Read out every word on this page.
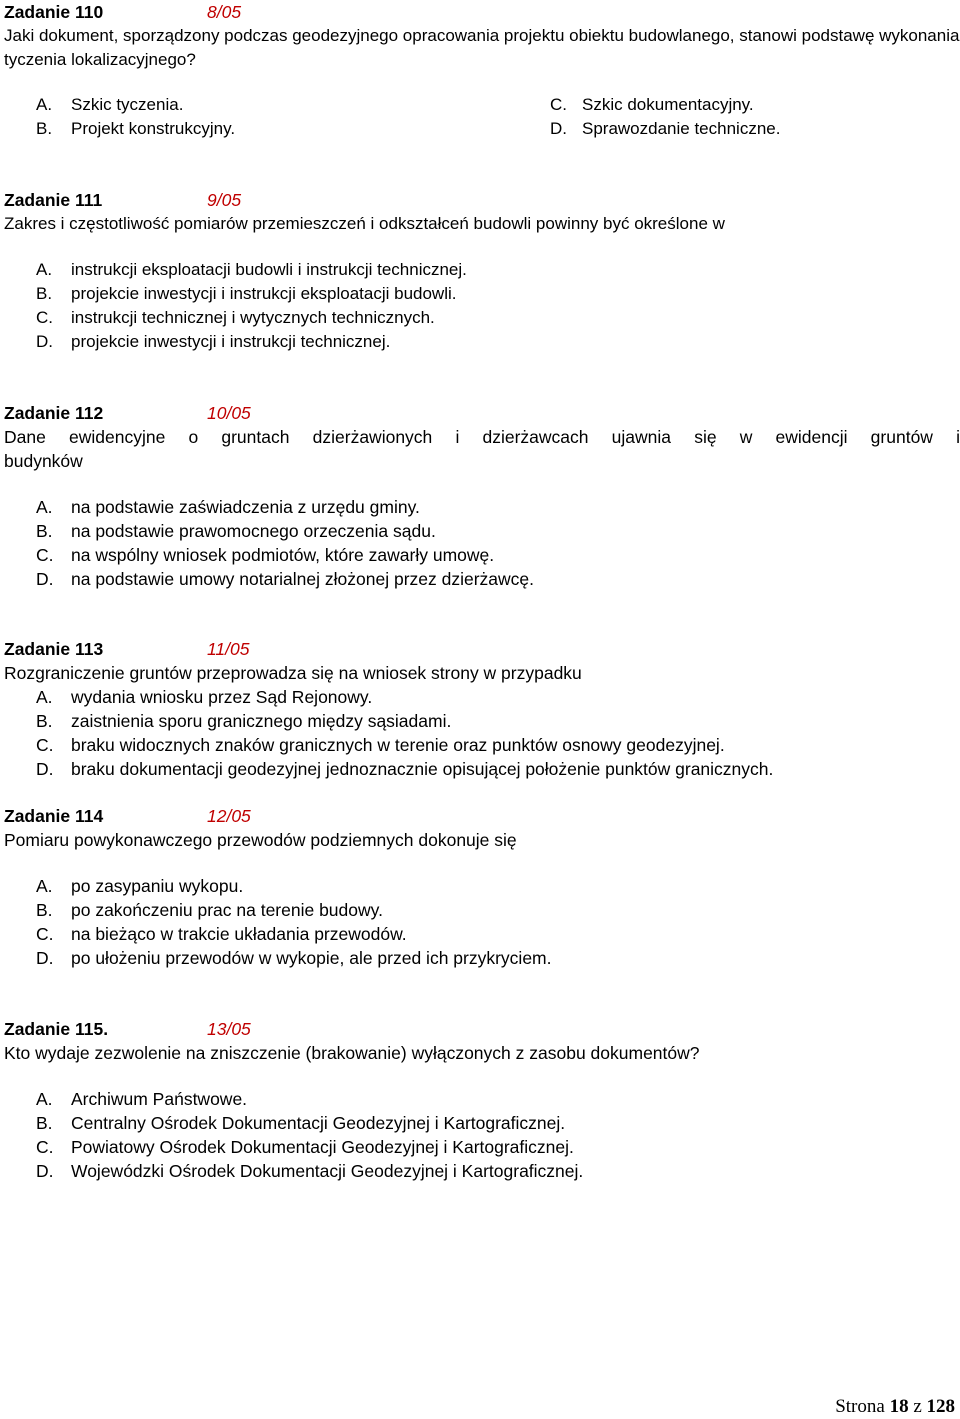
Zadanie 110	8/05
Jaki dokument, sporządzony podczas geodezyjnego opracowania projektu obiektu budowlanego, stanowi podstawę wykonania tyczenia lokalizacyjnego?
A. Szkic tyczenia.
B. Projekt konstrukcyjny.
C. Szkic dokumentacyjny.
D. Sprawozdanie techniczne.
Zadanie 111	9/05
Zakres i częstotliwość pomiarów przemieszczeń i odkształceń budowli powinny być określone w
A. instrukcji eksploatacji budowli i instrukcji technicznej.
B. projekcie inwestycji i instrukcji eksploatacji budowli.
C. instrukcji technicznej i wytycznych technicznych.
D. projekcie inwestycji i instrukcji technicznej.
Zadanie 112	10/05
Dane ewidencyjne o gruntach dzierżawionych i dzierżawcach ujawnia się w ewidencji gruntów i
budynków
A. na podstawie zaświadczenia z urzędu gminy.
B. na podstawie prawomocnego orzeczenia sądu.
C. na wspólny wniosek podmiotów, które zawarły umowę.
D. na podstawie umowy notarialnej złożonej przez dzierżawcę.
Zadanie 113	11/05
Rozgraniczenie gruntów przeprowadza się na wniosek strony w przypadku
A. wydania wniosku przez Sąd Rejonowy.
B. zaistnienia sporu granicznego między sąsiadami.
C. braku widocznych znaków granicznych w terenie oraz punktów osnowy geodezyjnej.
D. braku dokumentacji geodezyjnej jednoznacznie opisującej położenie punktów granicznych.
Zadanie 114	12/05
Pomiaru powykonawczego przewodów podziemnych dokonuje się
A. po zasypaniu wykopu.
B. po zakończeniu prac na terenie budowy.
C. na bieżąco w trakcie układania przewodów.
D. po ułożeniu przewodów w wykopie, ale przed ich przykryciem.
Zadanie 115.	13/05
Kto wydaje zezwolenie na zniszczenie (brakowanie) wyłączonych z zasobu dokumentów?
A. Archiwum Państwowe.
B. Centralny Ośrodek Dokumentacji Geodezyjnej i Kartograficznej.
C. Powiatowy Ośrodek Dokumentacji Geodezyjnej i Kartograficznej.
D. Wojewódzki Ośrodek Dokumentacji Geodezyjnej i Kartograficznej.
Strona 18 z 128
